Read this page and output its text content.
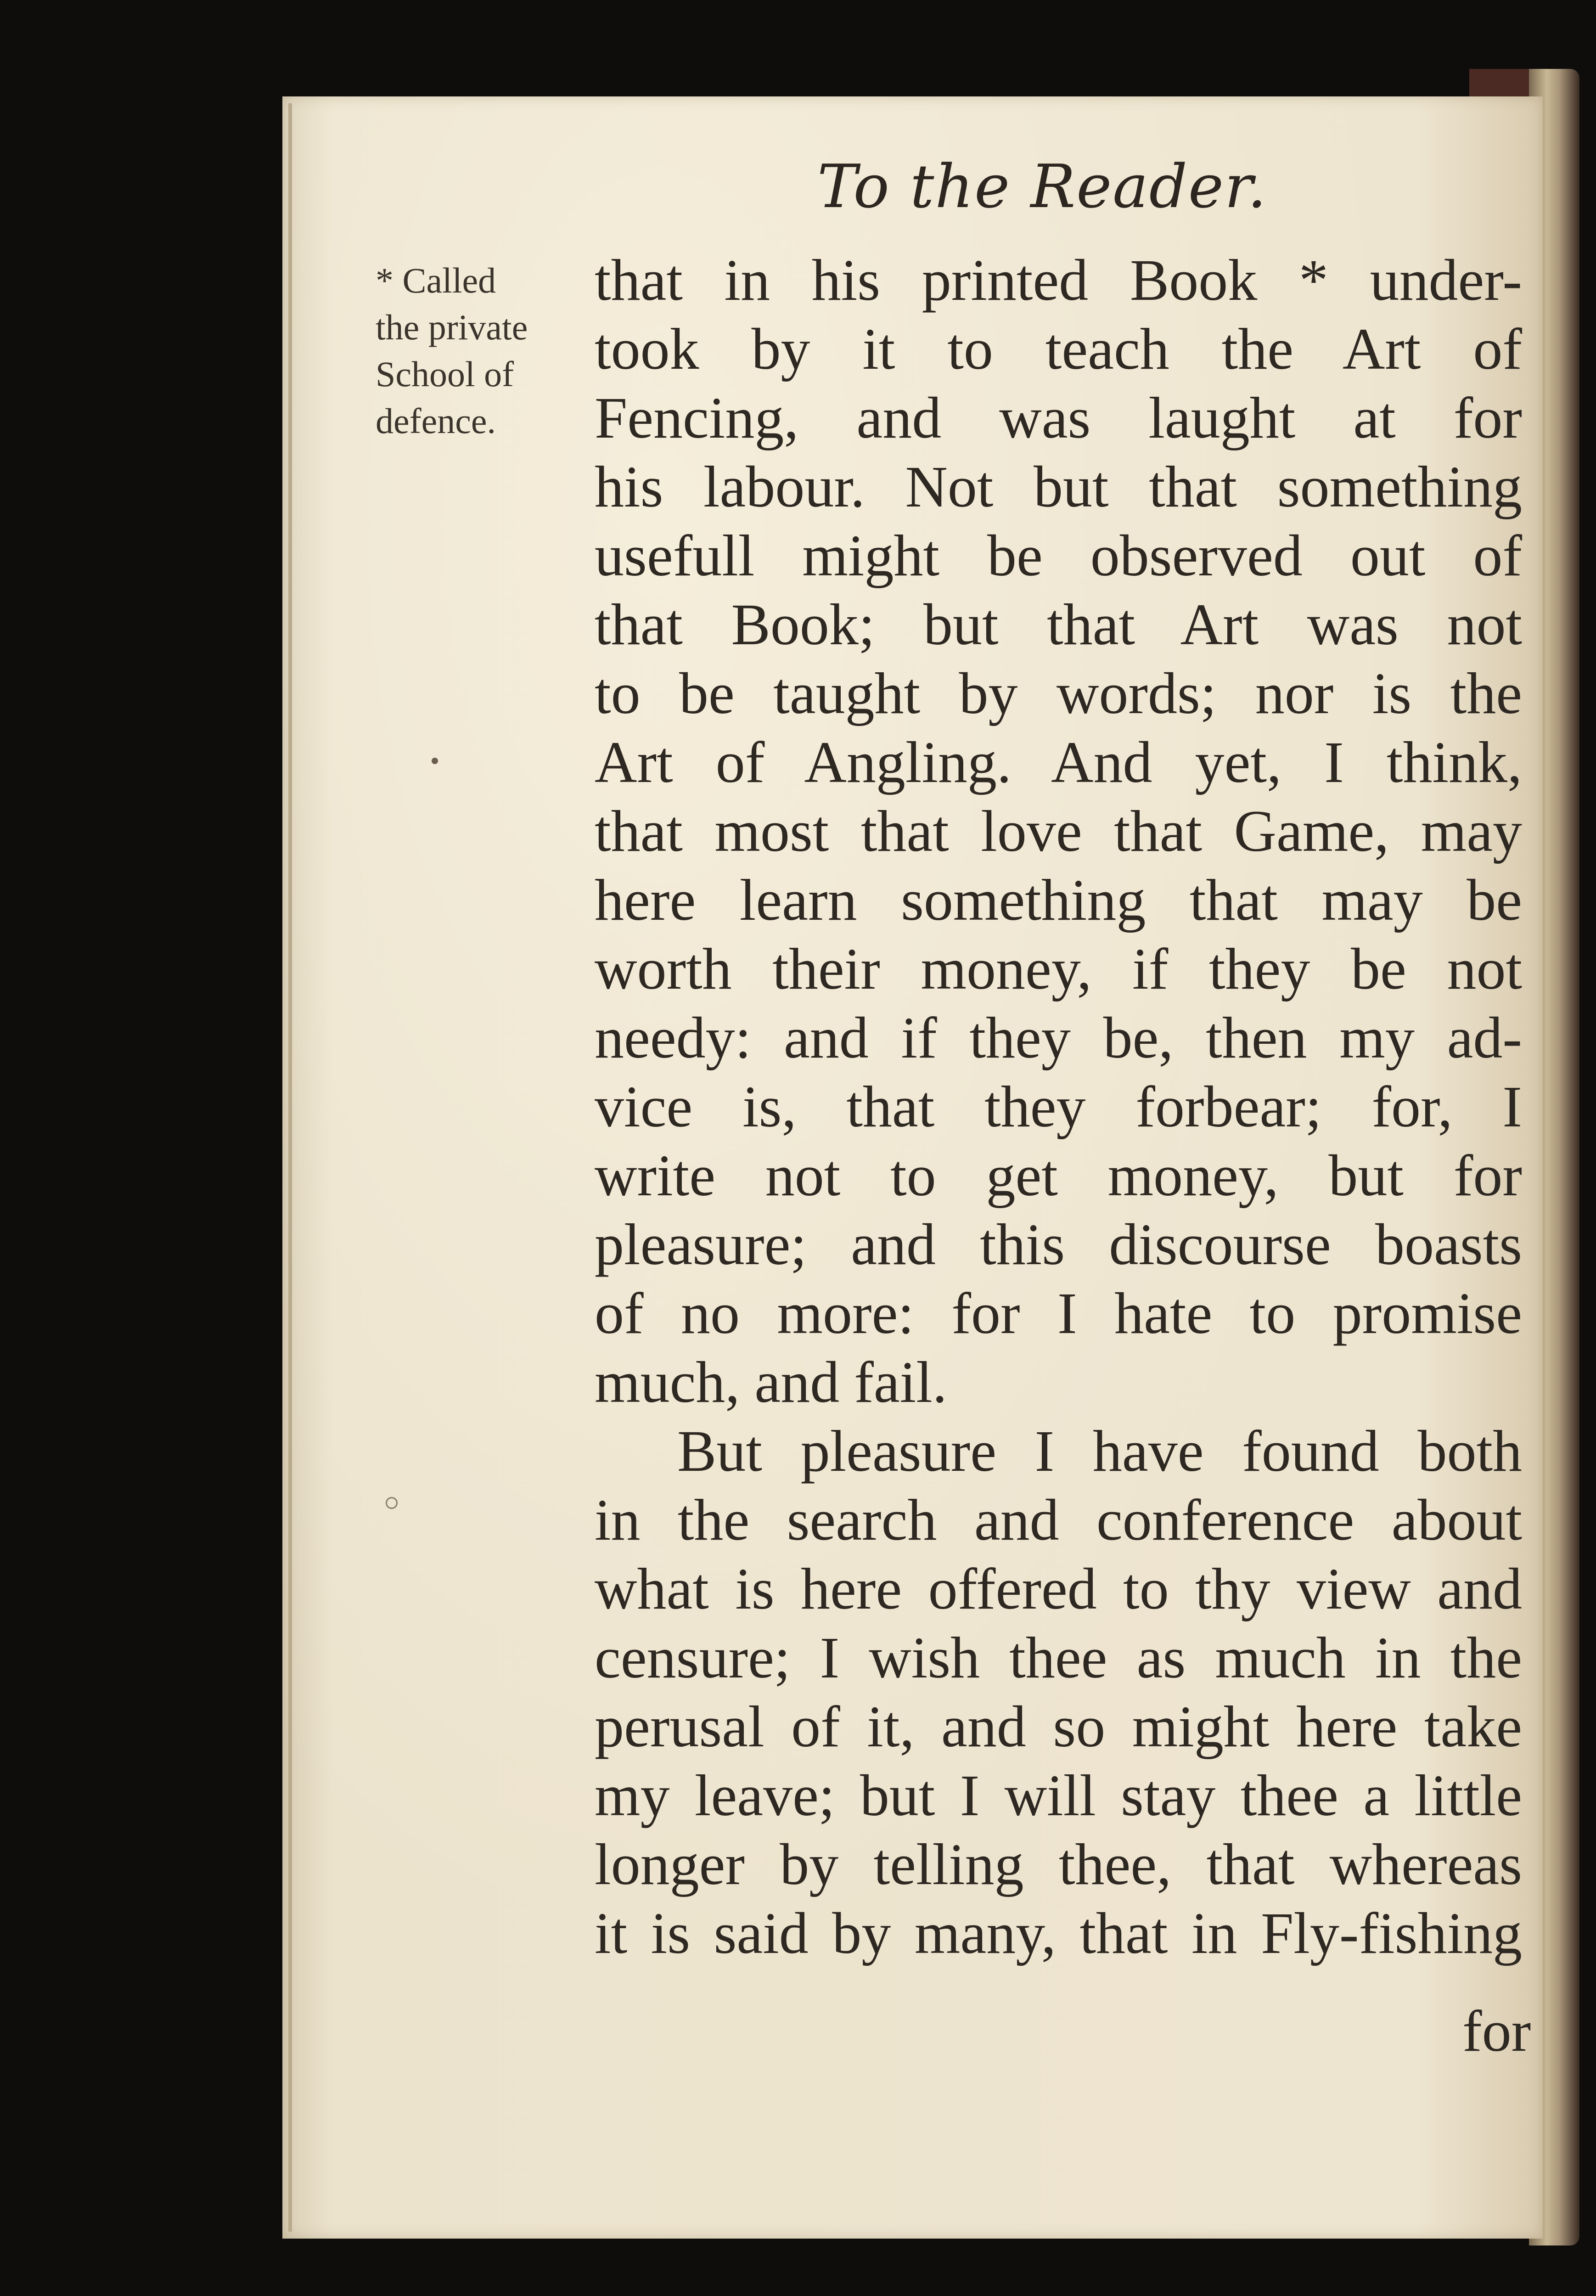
To the Reader.
* Called
the private
School of
defence.
that in his printed Book * under-
took by it to teach the Art of
Fencing, and was laught at for
his labour. Not but that something
usefull might be observed out of
that Book; but that Art was not
to be taught by words; nor is the
Art of Angling. And yet, I think,
that most that love that Game, may
here learn something that may be
worth their money, if they be not
needy: and if they be, then my ad-
vice is, that they forbear; for, I
write not to get money, but for
pleasure; and this discourse boasts
of no more: for I hate to promise
much, and fail.
But pleasure I have found both
in the search and conference about
what is here offered to thy view and
censure; I wish thee as much in the
perusal of it, and so might here take
my leave; but I will stay thee a little
longer by telling thee, that whereas
it is said by many, that in Fly-fishing
for
